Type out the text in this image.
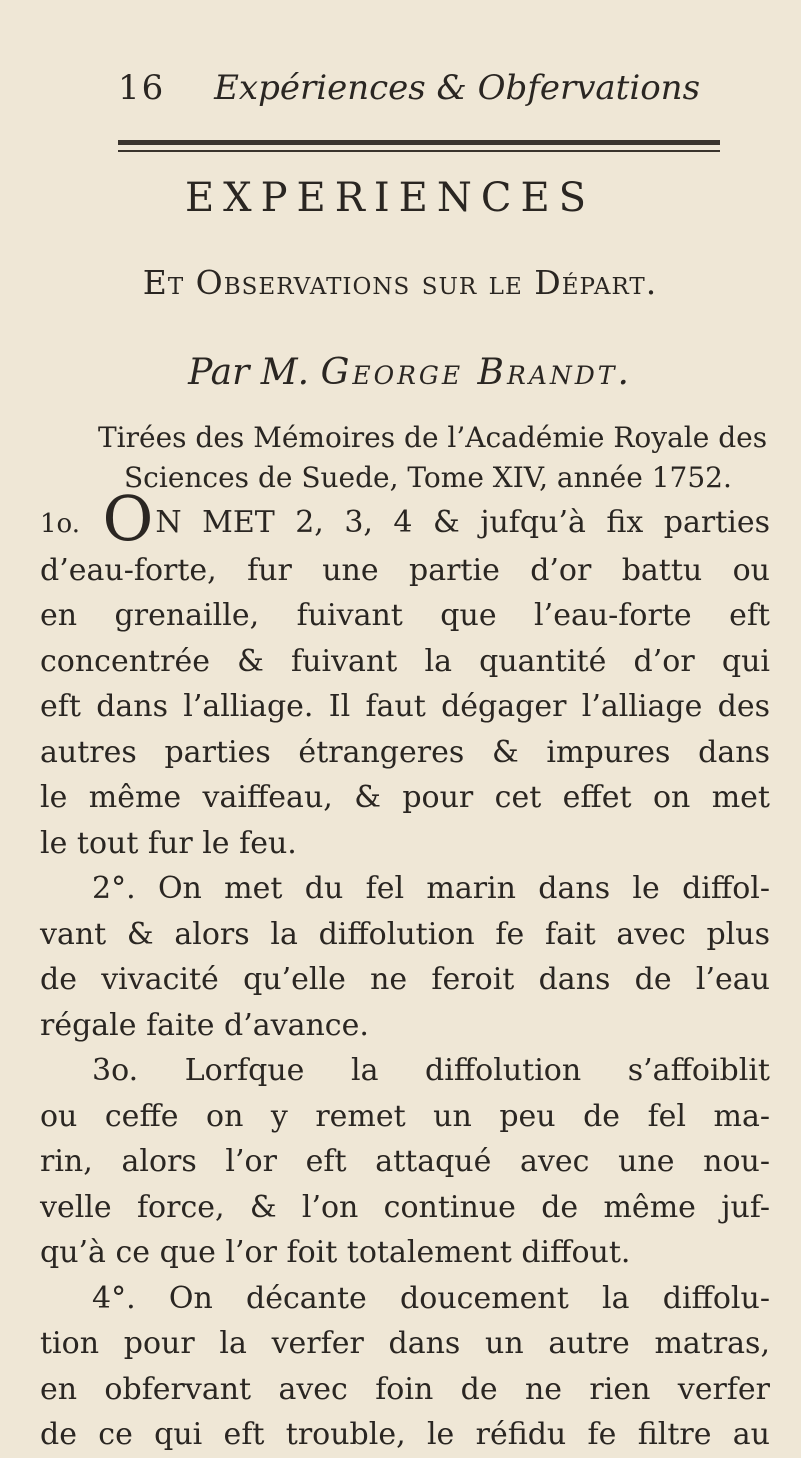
16 Expériences & Obfervations
EXPERIENCES
Et Observations sur le Départ.
Par M. George Brandt.
Tirées des Mémoires de l’Académie Royale des
Sciences de Suede, Tome XIV, année 1752.
1o. ON MET 2, 3, 4 & jufqu’à fix parties
d’eau-forte, fur une partie d’or battu ou
en grenaille, fuivant que l’eau-forte eft
concentrée & fuivant la quantité d’or qui
eft dans l’alliage. Il faut dégager l’alliage des
autres parties étrangeres & impures dans
le même vaiffeau, & pour cet effet on met
le tout fur le feu.
2°. On met du fel marin dans le diffol-
vant & alors la diffolution fe fait avec plus
de vivacité qu’elle ne feroit dans de l’eau
régale faite d’avance.
3o. Lorfque la diffolution s’affoiblit
ou ceffe on y remet un peu de fel ma-
rin, alors l’or eft attaqué avec une nou-
velle force, & l’on continue de même juf-
qu’à ce que l’or foit totalement diffout.
4°. On décante doucement la diffolu-
tion pour la verfer dans un autre matras,
en obfervant avec foin de ne rien verfer
de ce qui eft trouble, le réfidu fe filtre au
